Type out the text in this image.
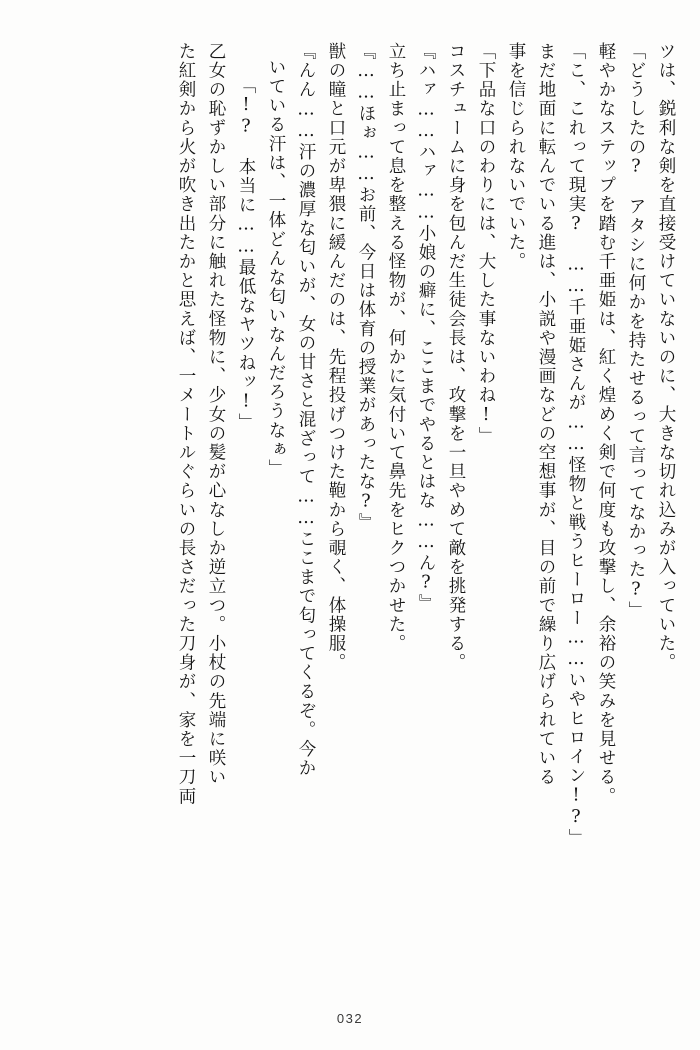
ツは、鋭利な剣を直接受けていないのに、大きな切れ込みが入っていた。
「どうしたの?　アタシに何かを持たせるって言ってなかった?」
軽やかなステップを踏む千亜姫は、紅く煌めく剣で何度も攻撃し、余裕の笑みを見せる。
「こ、これって現実?　……千亜姫さんが……怪物と戦うヒーロー……いやヒロイン!?」
まだ地面に転んでいる進は、小説や漫画などの空想事が、目の前で繰り広げられている
事を信じられないでいた。
「下品な口のわりには、大した事ないわね!」
コスチュームに身を包んだ生徒会長は、攻撃を一旦やめて敵を挑発する。
『ハァ……ハァ……小娘の癖に、ここまでやるとはな……ん?』
立ち止まって息を整える怪物が、何かに気付いて鼻先をヒクつかせた。
『……ほぉ……お前、今日は体育の授業があったな?』
獣の瞳と口元が卑猥に緩んだのは、先程投げつけた鞄から覗く、体操服。
『んん……汗の濃厚な匂いが、女の甘さと混ざって……ここまで匂ってくるぞ。今か
いている汗は、一体どんな匂いなんだろうなぁ」
「!?　本当に……最低なヤツねッ!」
乙女の恥ずかしい部分に触れた怪物に、少女の髪が心なしか逆立つ。小杖の先端に咲い
た紅剣から火が吹き出たかと思えば、一メートルぐらいの長さだった刀身が、家を一刀両
032
